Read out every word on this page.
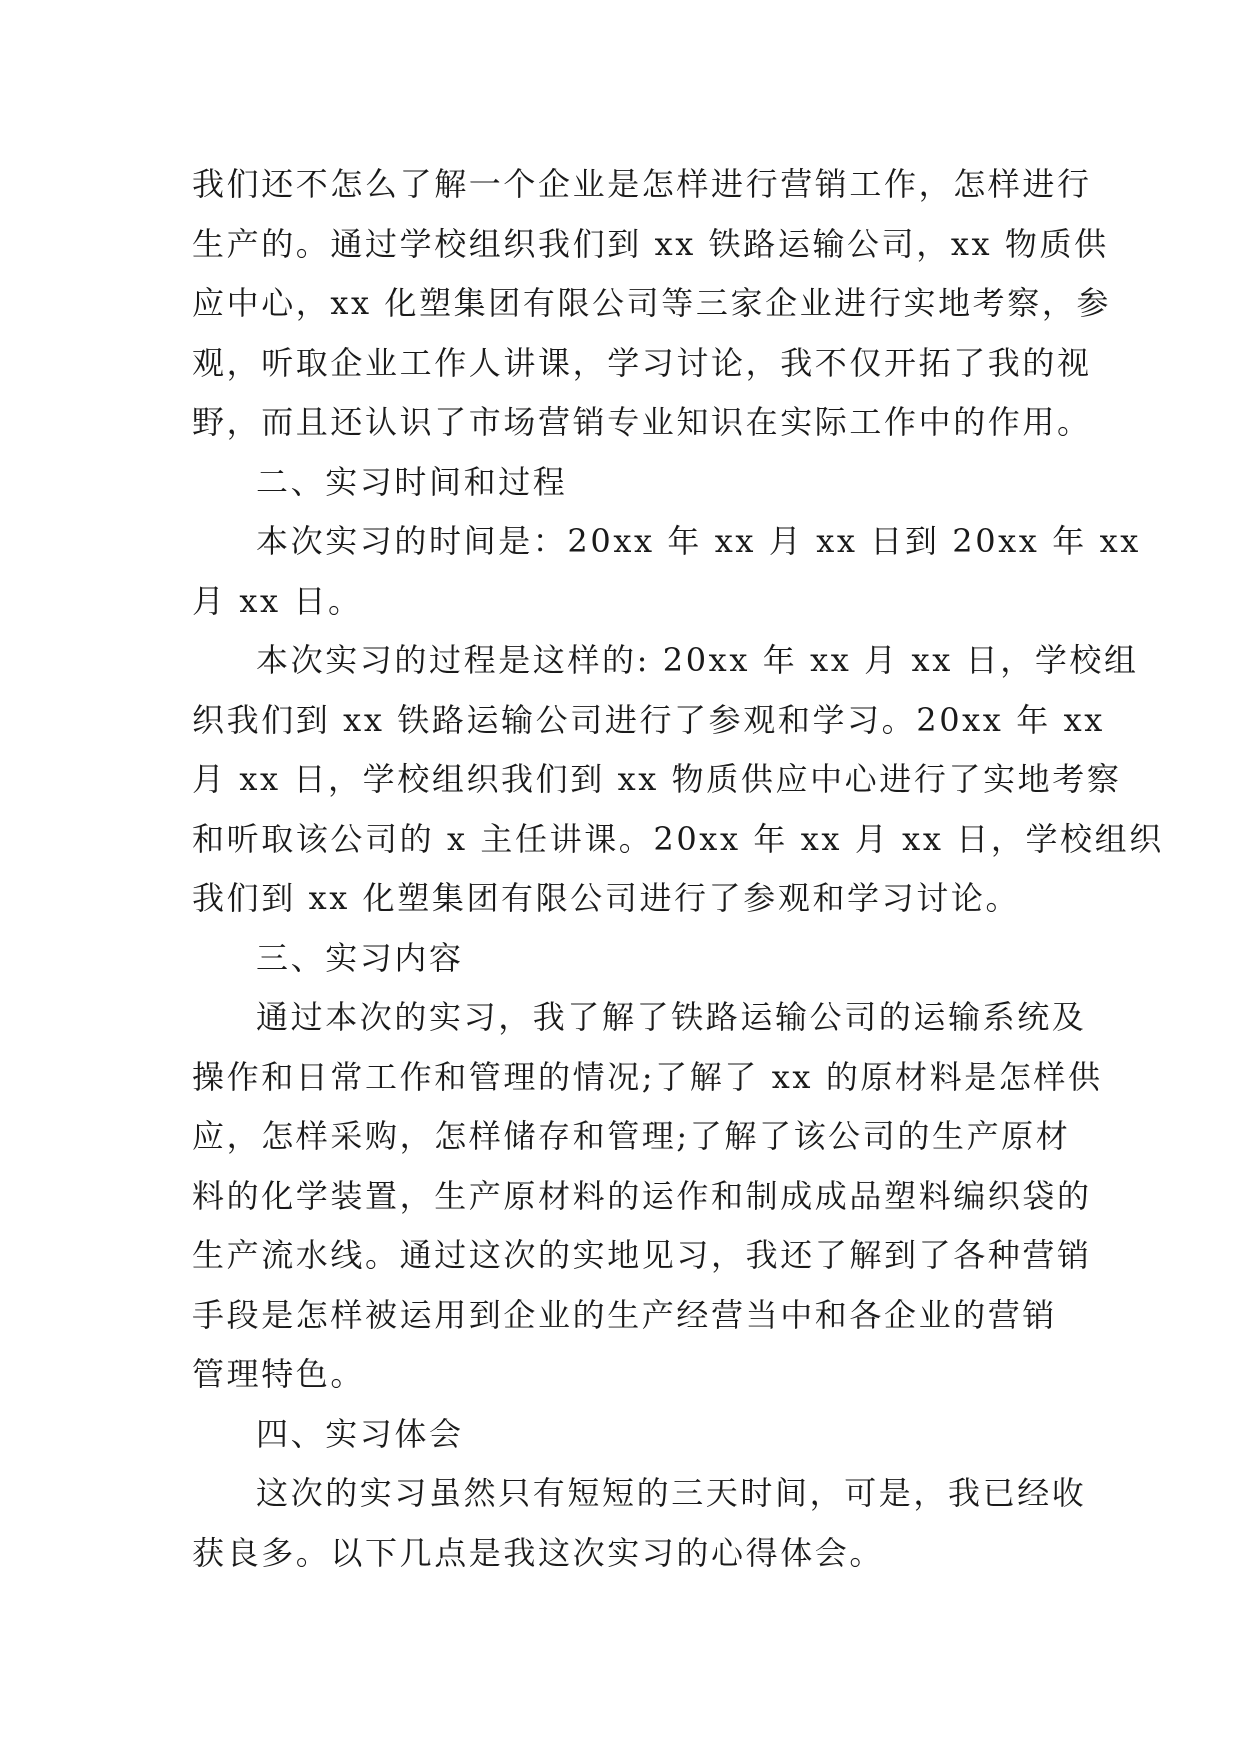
我们还不怎么了解一个企业是怎样进行营销工作，怎样进行
生产的。通过学校组织我们到 xx 铁路运输公司，xx 物质供
应中心，xx 化塑集团有限公司等三家企业进行实地考察，参
观，听取企业工作人讲课，学习讨论，我不仅开拓了我的视
野，而且还认识了市场营销专业知识在实际工作中的作用。
二、实习时间和过程
本次实习的时间是：20xx 年 xx 月 xx 日到 20xx 年 xx
月 xx 日。
本次实习的过程是这样的: 20xx 年 xx 月 xx 日，学校组
织我们到 xx 铁路运输公司进行了参观和学习。20xx 年 xx
月 xx 日，学校组织我们到 xx 物质供应中心进行了实地考察
和听取该公司的 x 主任讲课。20xx 年 xx 月 xx 日，学校组织
我们到 xx 化塑集团有限公司进行了参观和学习讨论。
三、实习内容
通过本次的实习，我了解了铁路运输公司的运输系统及
操作和日常工作和管理的情况;了解了 xx 的原材料是怎样供
应，怎样采购，怎样储存和管理;了解了该公司的生产原材
料的化学装置，生产原材料的运作和制成成品塑料编织袋的
生产流水线。通过这次的实地见习，我还了解到了各种营销
手段是怎样被运用到企业的生产经营当中和各企业的营销
管理特色。
四、实习体会
这次的实习虽然只有短短的三天时间，可是，我已经收
获良多。以下几点是我这次实习的心得体会。
